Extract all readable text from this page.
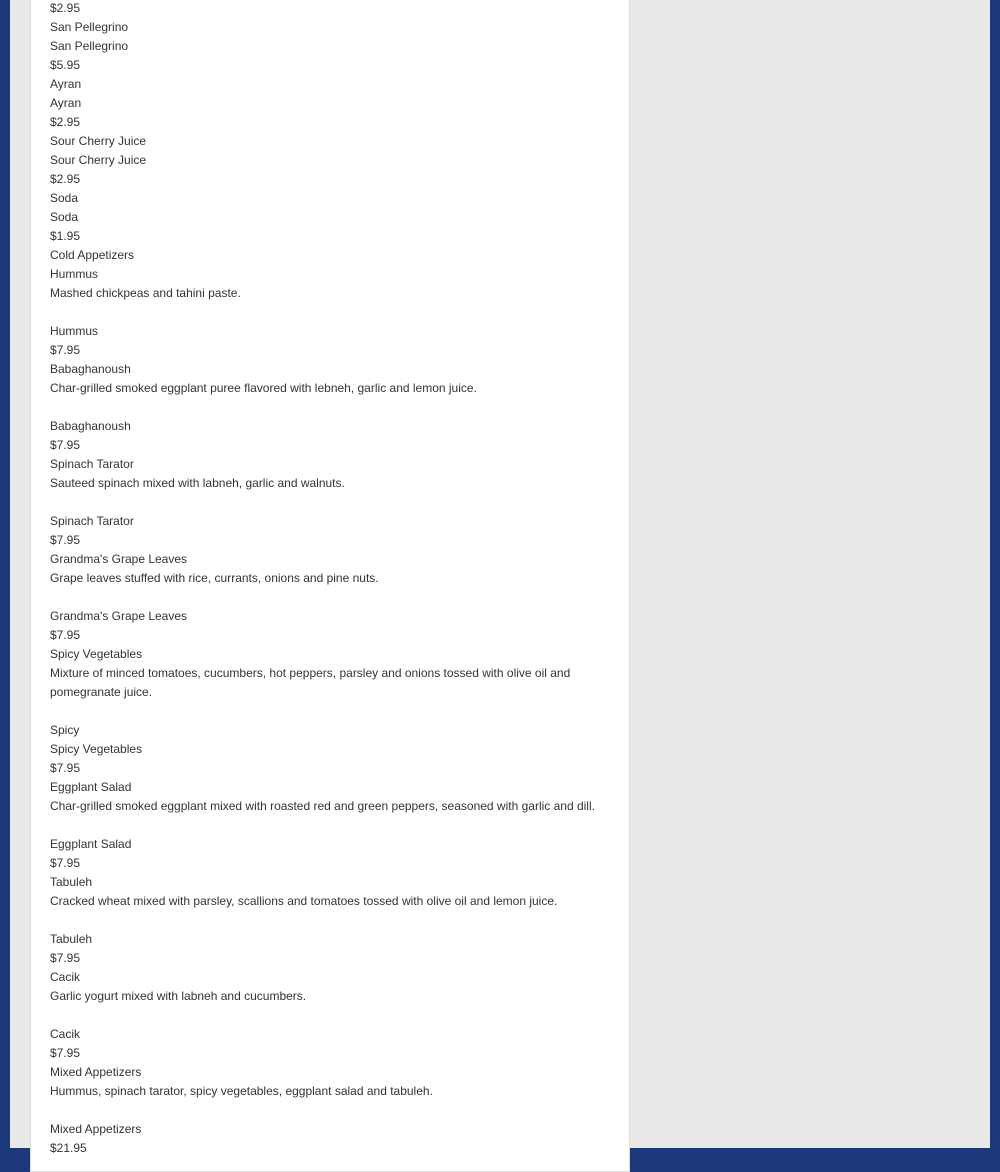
$2.95
San Pellegrino
San Pellegrino
$5.95
Ayran
Ayran
$2.95
Sour Cherry Juice
Sour Cherry Juice
$2.95
Soda
Soda
$1.95
Cold Appetizers
Hummus
Mashed chickpeas and tahini paste.
Hummus
$7.95
Babaghanoush
Char-grilled smoked eggplant puree flavored with lebneh, garlic and lemon juice.
Babaghanoush
$7.95
Spinach Tarator
Sauteed spinach mixed with labneh, garlic and walnuts.
Spinach Tarator
$7.95
Grandma's Grape Leaves
Grape leaves stuffed with rice, currants, onions and pine nuts.
Grandma's Grape Leaves
$7.95
Spicy Vegetables
Mixture of minced tomatoes, cucumbers, hot peppers, parsley and onions tossed with olive oil and pomegranate juice.
Spicy
Spicy Vegetables
$7.95
Eggplant Salad
Char-grilled smoked eggplant mixed with roasted red and green peppers, seasoned with garlic and dill.
Eggplant Salad
$7.95
Tabuleh
Cracked wheat mixed with parsley, scallions and tomatoes tossed with olive oil and lemon juice.
Tabuleh
$7.95
Cacik
Garlic yogurt mixed with labneh and cucumbers.
Cacik
$7.95
Mixed Appetizers
Hummus, spinach tarator, spicy vegetables, eggplant salad and tabuleh.
Mixed Appetizers
$21.95
